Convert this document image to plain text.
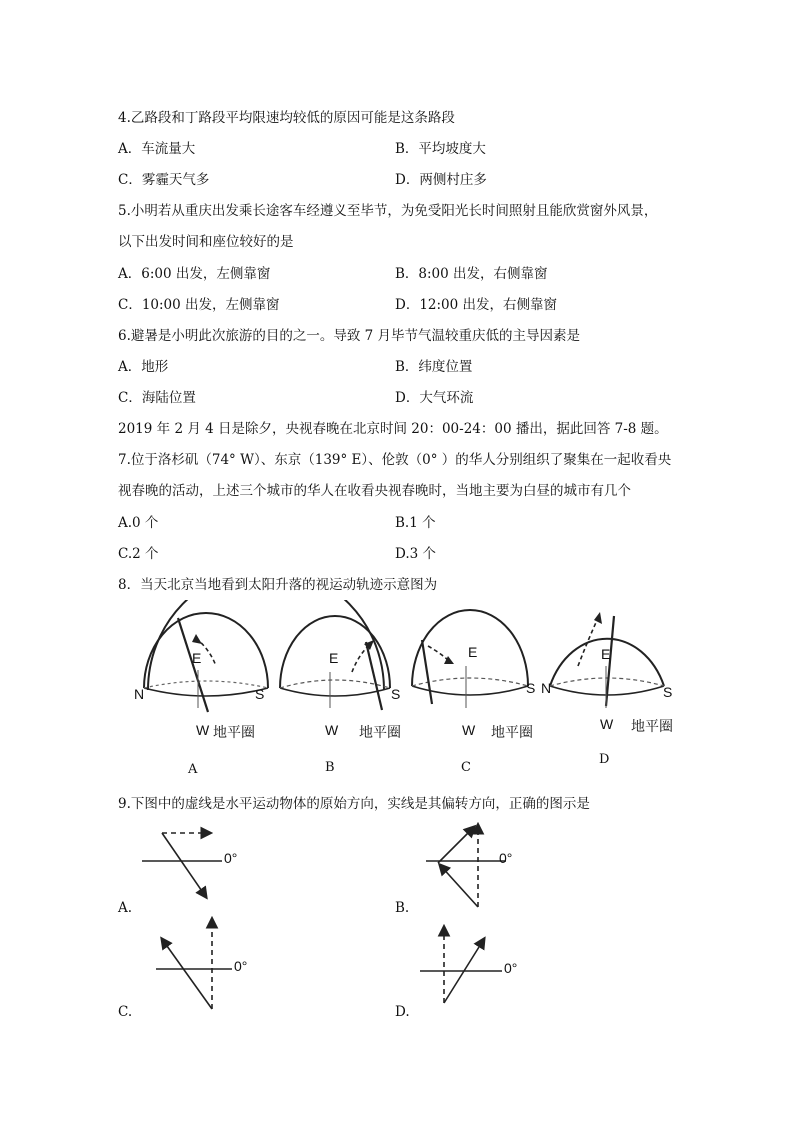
4.乙路段和丁路段平均限速均较低的原因可能是这条路段
A．车流量大	B．平均坡度大
C．雾霾天气多	D．两侧村庄多
5.小明若从重庆出发乘长途客车经遵义至毕节，为免受阳光长时间照射且能欣赏窗外风景，
以下出发时间和座位较好的是
A．6:00 出发，左侧靠窗	B．8:00 出发，右侧靠窗
C．10:00 出发，左侧靠窗	D．12:00 出发，右侧靠窗
6.避暑是小明此次旅游的目的之一。导致 7 月毕节气温较重庆低的主导因素是
A．地形	B．纬度位置
C．海陆位置	D．大气环流
2019 年 2 月 4 日是除夕，央视春晚在北京时间 20：00-24：00 播出，据此回答 7-8 题。
7.位于洛杉矶（74° W）、东京（139° E）、伦敦（0° ）的华人分别组织了聚集在一起收看央
视春晚的活动，上述三个城市的华人在收看央视春晚时，当地主要为白昼的城市有几个
A.0 个	B.1 个
C.2 个	D.3 个
8．当天北京当地看到太阳升落的视运动轨迹示意图为
N	S
E
W 地平圈
A
E
S
W 地平圈
B
E
S
W 地平圈
C
N	S
E
W 地平圈
D
9.下图中的虚线是水平运动物体的原始方向，实线是其偏转方向，正确的图示是
0°	0°
0°	0°
A.	B.
C.	D.
